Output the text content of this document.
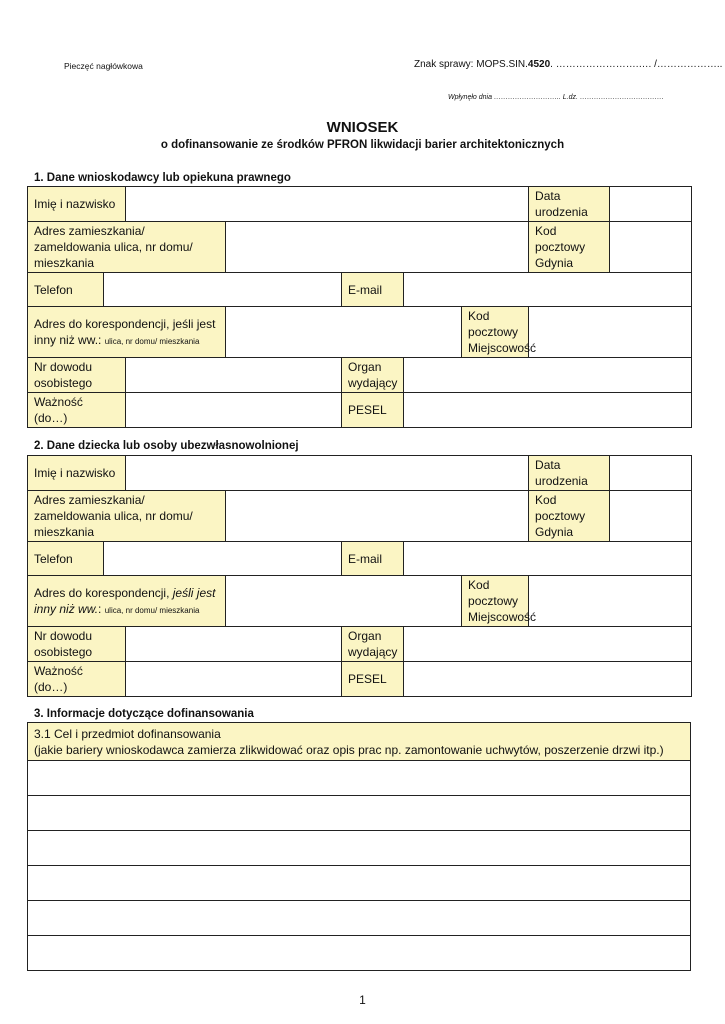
Pieczęć nagłówkowa	Znak sprawy: MOPS.SIN.4520. …………………….…. /………………..
Wpłynęło dnia ……………………….. L.dz. ………………………………
WNIOSEK
o dofinansowanie ze środków PFRON likwidacji barier architektonicznych
1. Dane wnioskodawcy lub opiekuna prawnego
Imię i nazwisko							Data urodzenia	
Adres zamieszkania/ zameldowania ulica, nr domu/ mieszkania							Kod pocztowy Gdynia	
Telefon				E-mail				
Adres do korespondencji, jeśli jest inny niż ww.: ulica, nr domu/ mieszkania						Kod pocztowy Miejscowość		
Nr dowodu osobistego				Organ wydający				
Ważność (do…)				PESEL				
2. Dane dziecka lub osoby ubezwłasnowolnionej
Imię i nazwisko							Data urodzenia	
Adres zamieszkania/ zameldowania ulica, nr domu/ mieszkania							Kod pocztowy Gdynia	
Telefon				E-mail				
Adres do korespondencji, jeśli jest inny niż ww.: ulica, nr domu/ mieszkania						Kod pocztowy Miejscowość		
Nr dowodu osobistego				Organ wydający				
Ważność (do…)				PESEL				
3. Informacje dotyczące dofinansowania
3.1 Cel i przedmiot dofinansowania
(jakie bariery wnioskodawca zamierza zlikwidować oraz opis prac np. zamontowanie uchwytów, poszerzenie drzwi itp.)

1
